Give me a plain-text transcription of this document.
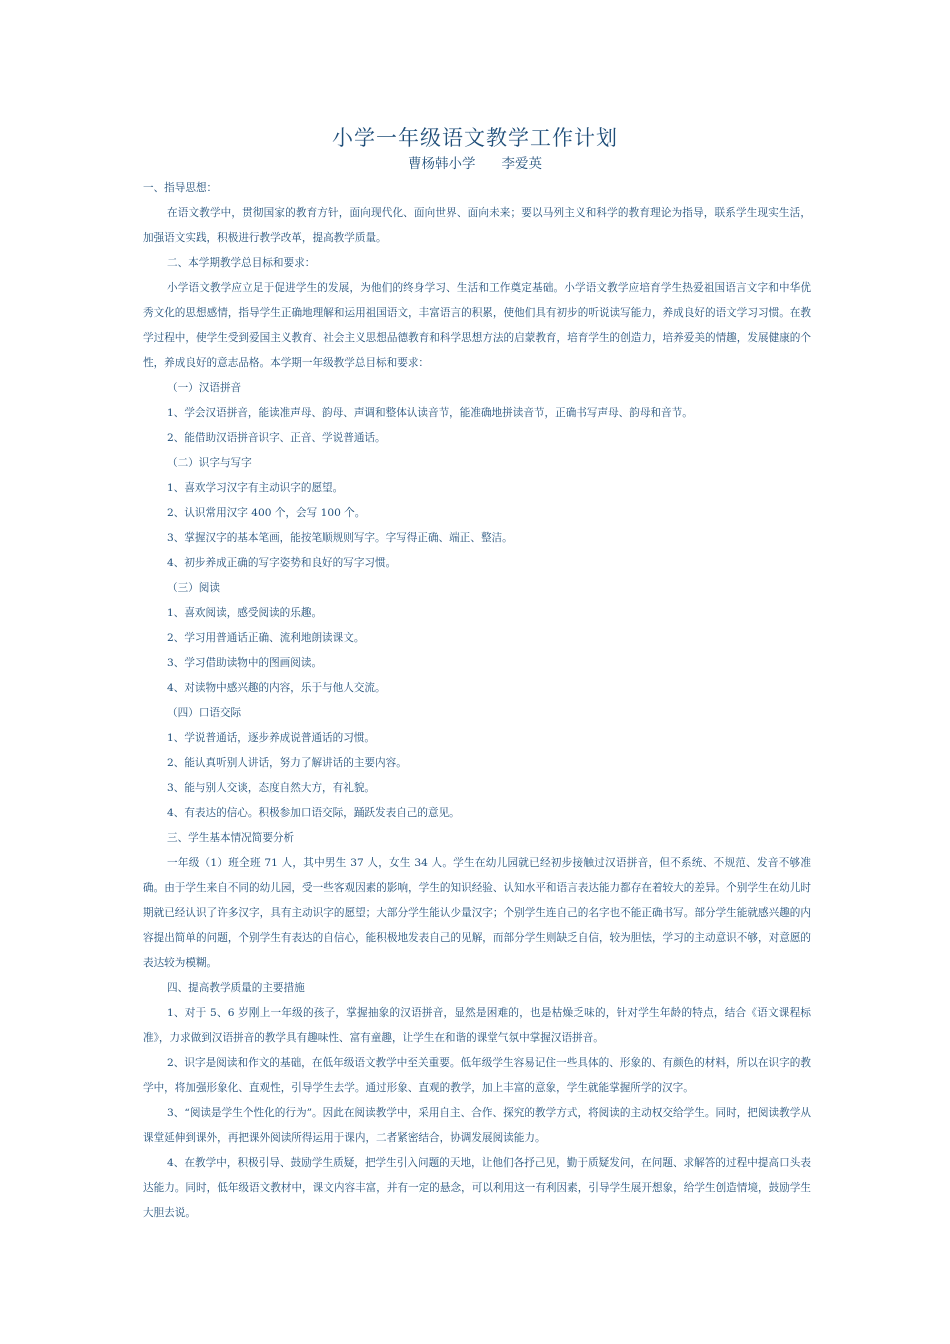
小学一年级语文教学工作计划
曹杨韩小学 李爱英

一、指导思想：

在语文教学中，贯彻国家的教育方针，面向现代化、面向世界、面向未来；要以马列主义和科学的教育理论为指导，联系学生现实生活，加强语文实践，积极进行教学改革，提高教学质量。

二、本学期教学总目标和要求：

小学语文教学应立足于促进学生的发展，为他们的终身学习、生活和工作奠定基础。小学语文教学应培育学生热爱祖国语言文字和中华优秀文化的思想感情，指导学生正确地理解和运用祖国语文，丰富语言的积累，使他们具有初步的听说读写能力，养成良好的语文学习习惯。在教学过程中，使学生受到爱国主义教育、社会主义思想品德教育和科学思想方法的启蒙教育，培育学生的创造力，培养爱美的情趣，发展健康的个性，养成良好的意志品格。本学期一年级教学总目标和要求：

（一）汉语拼音

1、学会汉语拼音，能读准声母、韵母、声调和整体认读音节，能准确地拼读音节，正确书写声母、韵母和音节。

2、能借助汉语拼音识字、正音、学说普通话。

（二）识字与写字

1、喜欢学习汉字有主动识字的愿望。

2、认识常用汉字 400 个，会写 100 个。

3、掌握汉字的基本笔画，能按笔顺规则写字。字写得正确、端正、整洁。

4、初步养成正确的写字姿势和良好的写字习惯。

（三）阅读

1、喜欢阅读，感受阅读的乐趣。

2、学习用普通话正确、流利地朗读课文。

3、学习借助读物中的图画阅读。

4、对读物中感兴趣的内容，乐于与他人交流。

（四）口语交际

1、学说普通话，逐步养成说普通话的习惯。

2、能认真听别人讲话，努力了解讲话的主要内容。

3、能与别人交谈，态度自然大方，有礼貌。

4、有表达的信心。积极参加口语交际，踊跃发表自己的意见。

三、学生基本情况简要分析

一年级（1）班全班 71 人，其中男生 37 人，女生 34 人。学生在幼儿园就已经初步接触过汉语拼音，但不系统、不规范、发音不够准确。由于学生来自不同的幼儿园，受一些客观因素的影响，学生的知识经验、认知水平和语言表达能力都存在着较大的差异。个别学生在幼儿时期就已经认识了许多汉字，具有主动识字的愿望；大部分学生能认少量汉字；个别学生连自己的名字也不能正确书写。部分学生能就感兴趣的内容提出简单的问题，个别学生有表达的自信心，能积极地发表自己的见解，而部分学生则缺乏自信，较为胆怯，学习的主动意识不够，对意愿的表达较为模糊。

四、提高教学质量的主要措施

1、对于 5、6 岁刚上一年级的孩子，掌握抽象的汉语拼音，显然是困难的，也是枯燥乏味的，针对学生年龄的特点，结合《语文课程标准》，力求做到汉语拼音的教学具有趣味性、富有童趣，让学生在和谐的课堂气氛中掌握汉语拼音。

2、识字是阅读和作文的基础，在低年级语文教学中至关重要。低年级学生容易记住一些具体的、形象的、有颜色的材料，所以在识字的教学中，将加强形象化、直观性，引导学生去学。通过形象、直观的教学，加上丰富的意象，学生就能掌握所学的汉字。

3、“阅读是学生个性化的行为”。因此在阅读教学中，采用自主、合作、探究的教学方式，将阅读的主动权交给学生。同时，把阅读教学从课堂延伸到课外，再把课外阅读所得运用于课内，二者紧密结合，协调发展阅读能力。

4、在教学中，积极引导、鼓励学生质疑，把学生引入问题的天地，让他们各抒己见，勤于质疑发问，在问题、求解答的过程中提高口头表达能力。同时，低年级语文教材中，课文内容丰富，并有一定的悬念，可以利用这一有利因素，引导学生展开想象，给学生创造情境，鼓励学生大胆去说。
